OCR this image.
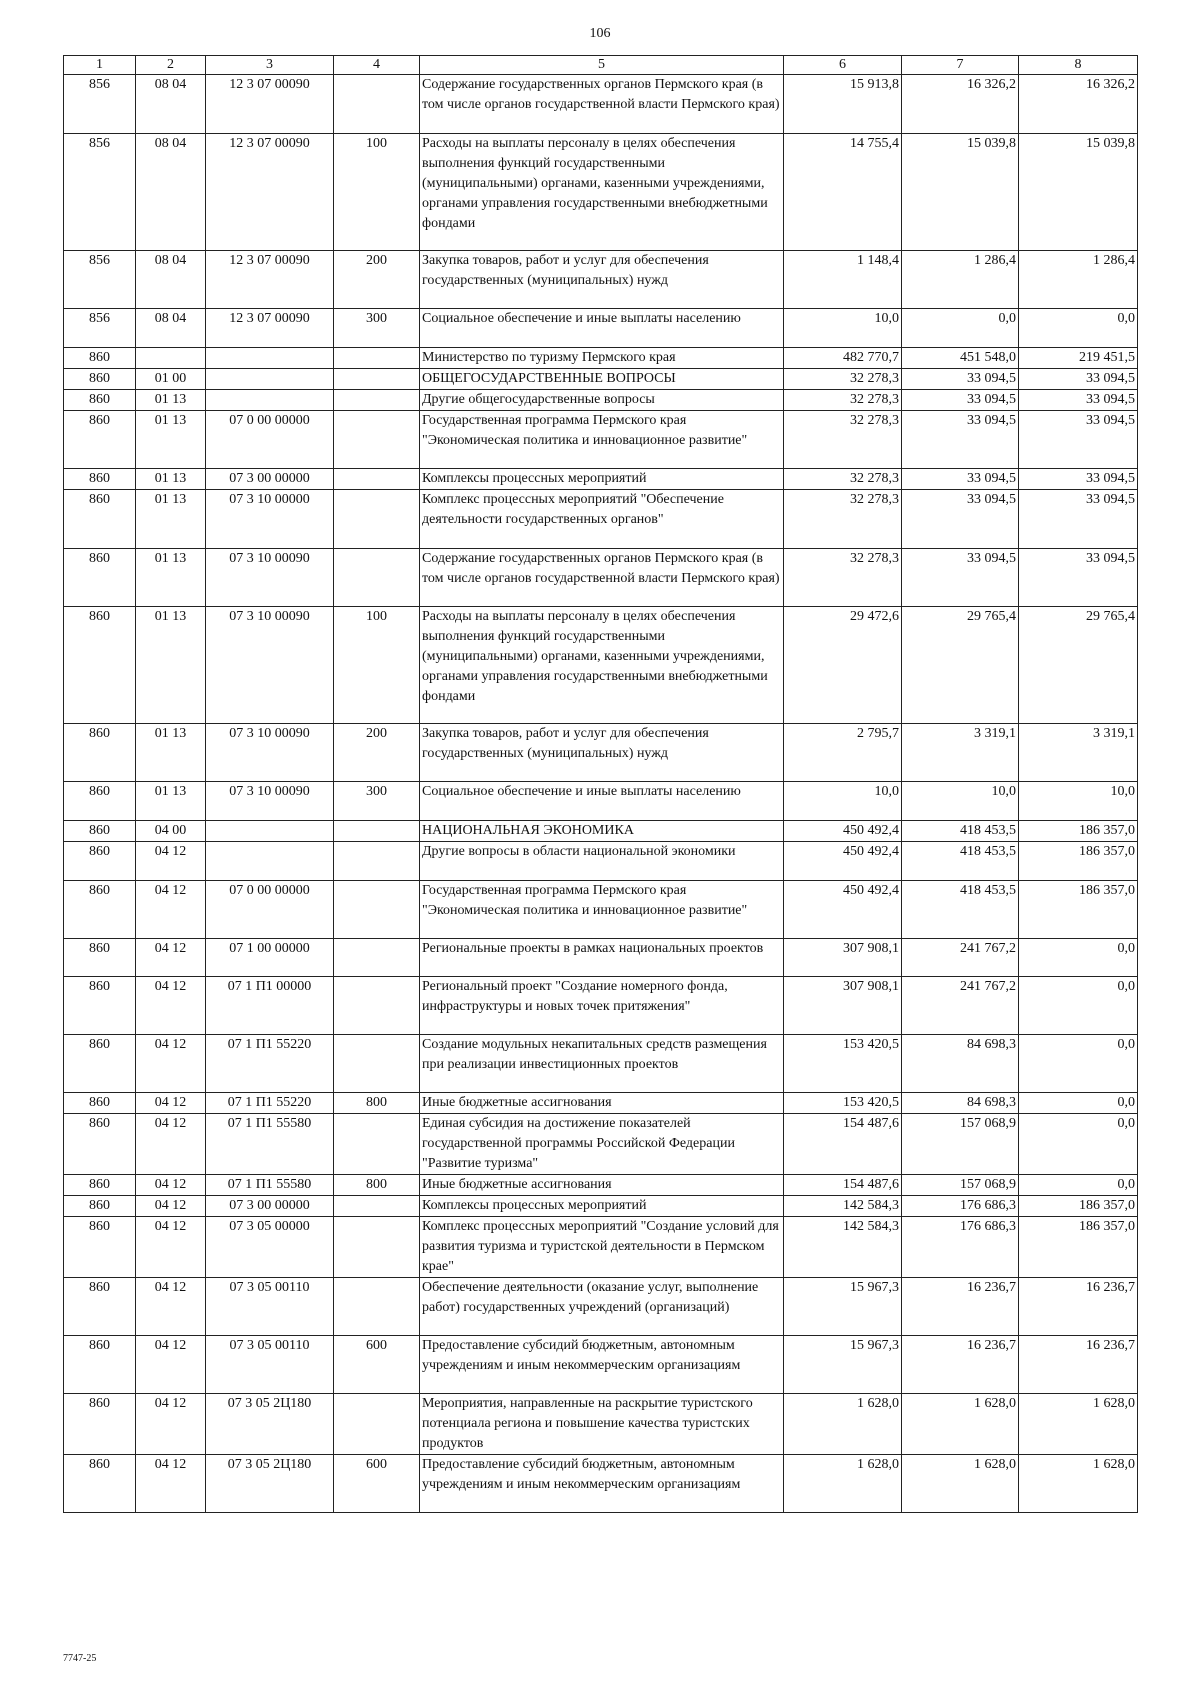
106
1	2	3	4	5	6	7	8
856	08 04	12 3 07 00090		Содержание государственных органов Пермского края (в том числе органов государственной власти Пермского края)	15 913,8	16 326,2	16 326,2
856	08 04	12 3 07 00090	100	Расходы на выплаты персоналу в целях обеспечения выполнения функций государственными (муниципальными) органами, казенными учреждениями, органами управления государственными внебюджетными фондами	14 755,4	15 039,8	15 039,8
856	08 04	12 3 07 00090	200	Закупка товаров, работ и услуг для обеспечения государственных (муниципальных) нужд	1 148,4	1 286,4	1 286,4
856	08 04	12 3 07 00090	300	Социальное обеспечение и иные выплаты населению	10,0	0,0	0,0
860				Министерство по туризму Пермского края	482 770,7	451 548,0	219 451,5
860	01 00			ОБЩЕГОСУДАРСТВЕННЫЕ ВОПРОСЫ	32 278,3	33 094,5	33 094,5
860	01 13			Другие общегосударственные вопросы	32 278,3	33 094,5	33 094,5
860	01 13	07 0 00 00000		Государственная программа Пермского края "Экономическая политика и инновационное развитие"	32 278,3	33 094,5	33 094,5
860	01 13	07 3 00 00000		Комплексы процессных мероприятий	32 278,3	33 094,5	33 094,5
860	01 13	07 3 10 00000		Комплекс процессных мероприятий "Обеспечение деятельности государственных органов"	32 278,3	33 094,5	33 094,5
860	01 13	07 3 10 00090		Содержание государственных органов Пермского края (в том числе органов государственной власти Пермского края)	32 278,3	33 094,5	33 094,5
860	01 13	07 3 10 00090	100	Расходы на выплаты персоналу в целях обеспечения выполнения функций государственными (муниципальными) органами, казенными учреждениями, органами управления государственными внебюджетными фондами	29 472,6	29 765,4	29 765,4
860	01 13	07 3 10 00090	200	Закупка товаров, работ и услуг для обеспечения государственных (муниципальных) нужд	2 795,7	3 319,1	3 319,1
860	01 13	07 3 10 00090	300	Социальное обеспечение и иные выплаты населению	10,0	10,0	10,0
860	04 00			НАЦИОНАЛЬНАЯ ЭКОНОМИКА	450 492,4	418 453,5	186 357,0
860	04 12			Другие вопросы в области национальной экономики	450 492,4	418 453,5	186 357,0
860	04 12	07 0 00 00000		Государственная программа Пермского края "Экономическая политика и инновационное развитие"	450 492,4	418 453,5	186 357,0
860	04 12	07 1 00 00000		Региональные проекты в рамках национальных проектов	307 908,1	241 767,2	0,0
860	04 12	07 1 П1 00000		Региональный проект "Создание номерного фонда, инфраструктуры и новых точек притяжения"	307 908,1	241 767,2	0,0
860	04 12	07 1 П1 55220		Создание модульных некапитальных средств размещения при реализации инвестиционных проектов	153 420,5	84 698,3	0,0
860	04 12	07 1 П1 55220	800	Иные бюджетные ассигнования	153 420,5	84 698,3	0,0
860	04 12	07 1 П1 55580		Единая субсидия на достижение показателей государственной программы Российской Федерации "Развитие туризма"	154 487,6	157 068,9	0,0
860	04 12	07 1 П1 55580	800	Иные бюджетные ассигнования	154 487,6	157 068,9	0,0
860	04 12	07 3 00 00000		Комплексы процессных мероприятий	142 584,3	176 686,3	186 357,0
860	04 12	07 3 05 00000		Комплекс процессных мероприятий "Создание условий для развития туризма и туристской деятельности в Пермском крае"	142 584,3	176 686,3	186 357,0
860	04 12	07 3 05 00110		Обеспечение деятельности (оказание услуг, выполнение работ) государственных учреждений (организаций)	15 967,3	16 236,7	16 236,7
860	04 12	07 3 05 00110	600	Предоставление субсидий бюджетным, автономным учреждениям и иным некоммерческим организациям	15 967,3	16 236,7	16 236,7
860	04 12	07 3 05 2Ц180		Мероприятия, направленные на раскрытие туристского потенциала региона и повышение качества туристских продуктов	1 628,0	1 628,0	1 628,0
860	04 12	07 3 05 2Ц180	600	Предоставление субсидий бюджетным, автономным учреждениям и иным некоммерческим организациям	1 628,0	1 628,0	1 628,0
7747-25
